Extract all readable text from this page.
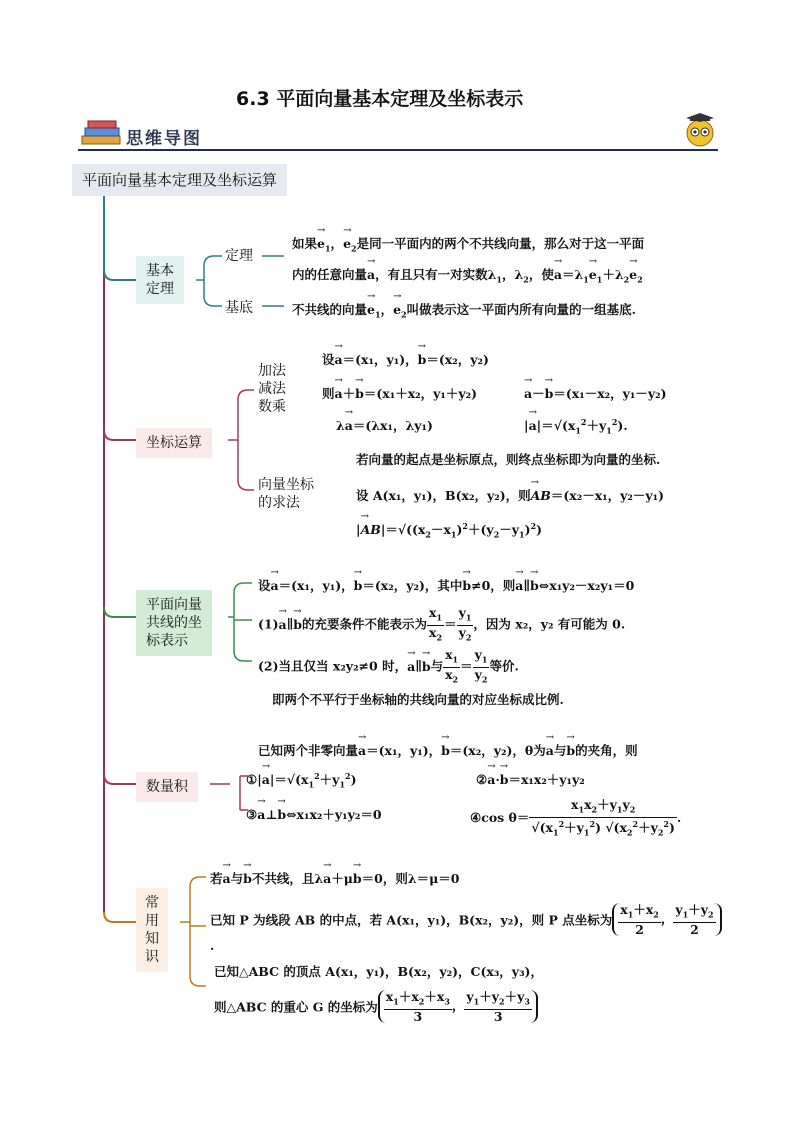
6.3 平面向量基本定理及坐标表示
思维导图
平面向量基本定理及坐标运算
基本
定理
定理
基底
如果→ $e_1$，→ $e_2$是同一平面内的两个不共线向量，那么对于这一平面
内的任意向量→ a，有且只有一对实数$\lambda_1$，$\lambda_2$，使→ $a=\lambda_1\to e_1+\lambda_2\to e_2$
不共线的向量→ $e_1$，→ $e_2$叫做表示这一平面内所有向量的一组基底.
坐标运算
加法
减法
数乘
向量坐标
的求法
设→ a＝(x₁，y₁)，→ b＝(x₂，y₂)
则→ a＋→ b＝(x₁＋x₂，y₁＋y₂)
→	a－→ b＝(x₁－x₂，y₁－y₂)
λ→ a＝(λx₁，λy₁)	|→ $a|=√(x_1^2+y_1^2)$.
若向量的起点是坐标原点，则终点坐标即为向量的坐标.
设 A(x₁，y₁)，B(x₂，y₂)，则→ AB＝(x₂－x₁，y₂－y₁)
|→ $AB|=√((x_2-x_1)^2+(y_2-y_1)^2)$
平面向量
共线的坐
标表示
设→ a＝(x₁，y₁)，→ b＝(x₂，y₂)，其中→ b≠0，则→ a∥→ b⇔x₁y₂－x₂y₁＝0
(1)→ a∥→ b的充要条件不能表示为 $\frac{x_1}{x_2} = \frac{y_1}{y_2}$ ，因为 x₂，y₂ 有可能为 0.
(2)当且仅当 x₂y₂≠0 时，→ a∥→ b与 $\frac{x_1}{x_2} = \frac{y_1}{y_2}$ 等价.
即两个不平行于坐标轴的共线向量的对应坐标成比例.
数量积
已知两个非零向量→ a＝(x₁，y₁)，→ b＝(x₂，y₂)，θ为→ a与→ b的夹角，则
①|→ $a|=√(x_1^2+y_1^2)$	②→ a·→ b＝x₁x₂＋y₁y₂
③→ a⊥→ b⇔x₁x₂＋y₁y₂＝0	④cos $\theta= \frac{x_1x_2+y_1y_2}{√(x_1^2+y_1^2) √(x_2^2+y_2^2)}$ .
常
用
知
识
若→ a与→ b不共线，且λ→ a＋μ→ b＝0，则λ＝μ＝0
已知 P 为线段 AB 的中点，若 A(x₁，y₁)，B(x₂，y₂)，则 P 点坐标为 $\frac{x_1+x_2}{2}$ ， $\frac{y_1+y_2}{2}$
.
已知△ABC 的顶点 A(x₁，y₁)，B(x₂，y₂)，C(x₃，y₃)，
则△ABC 的重心 G 的坐标为 $\frac{x_1+x_2+x_3}{3}$ ， $\frac{y_1+y_2+y_3}{3}$
